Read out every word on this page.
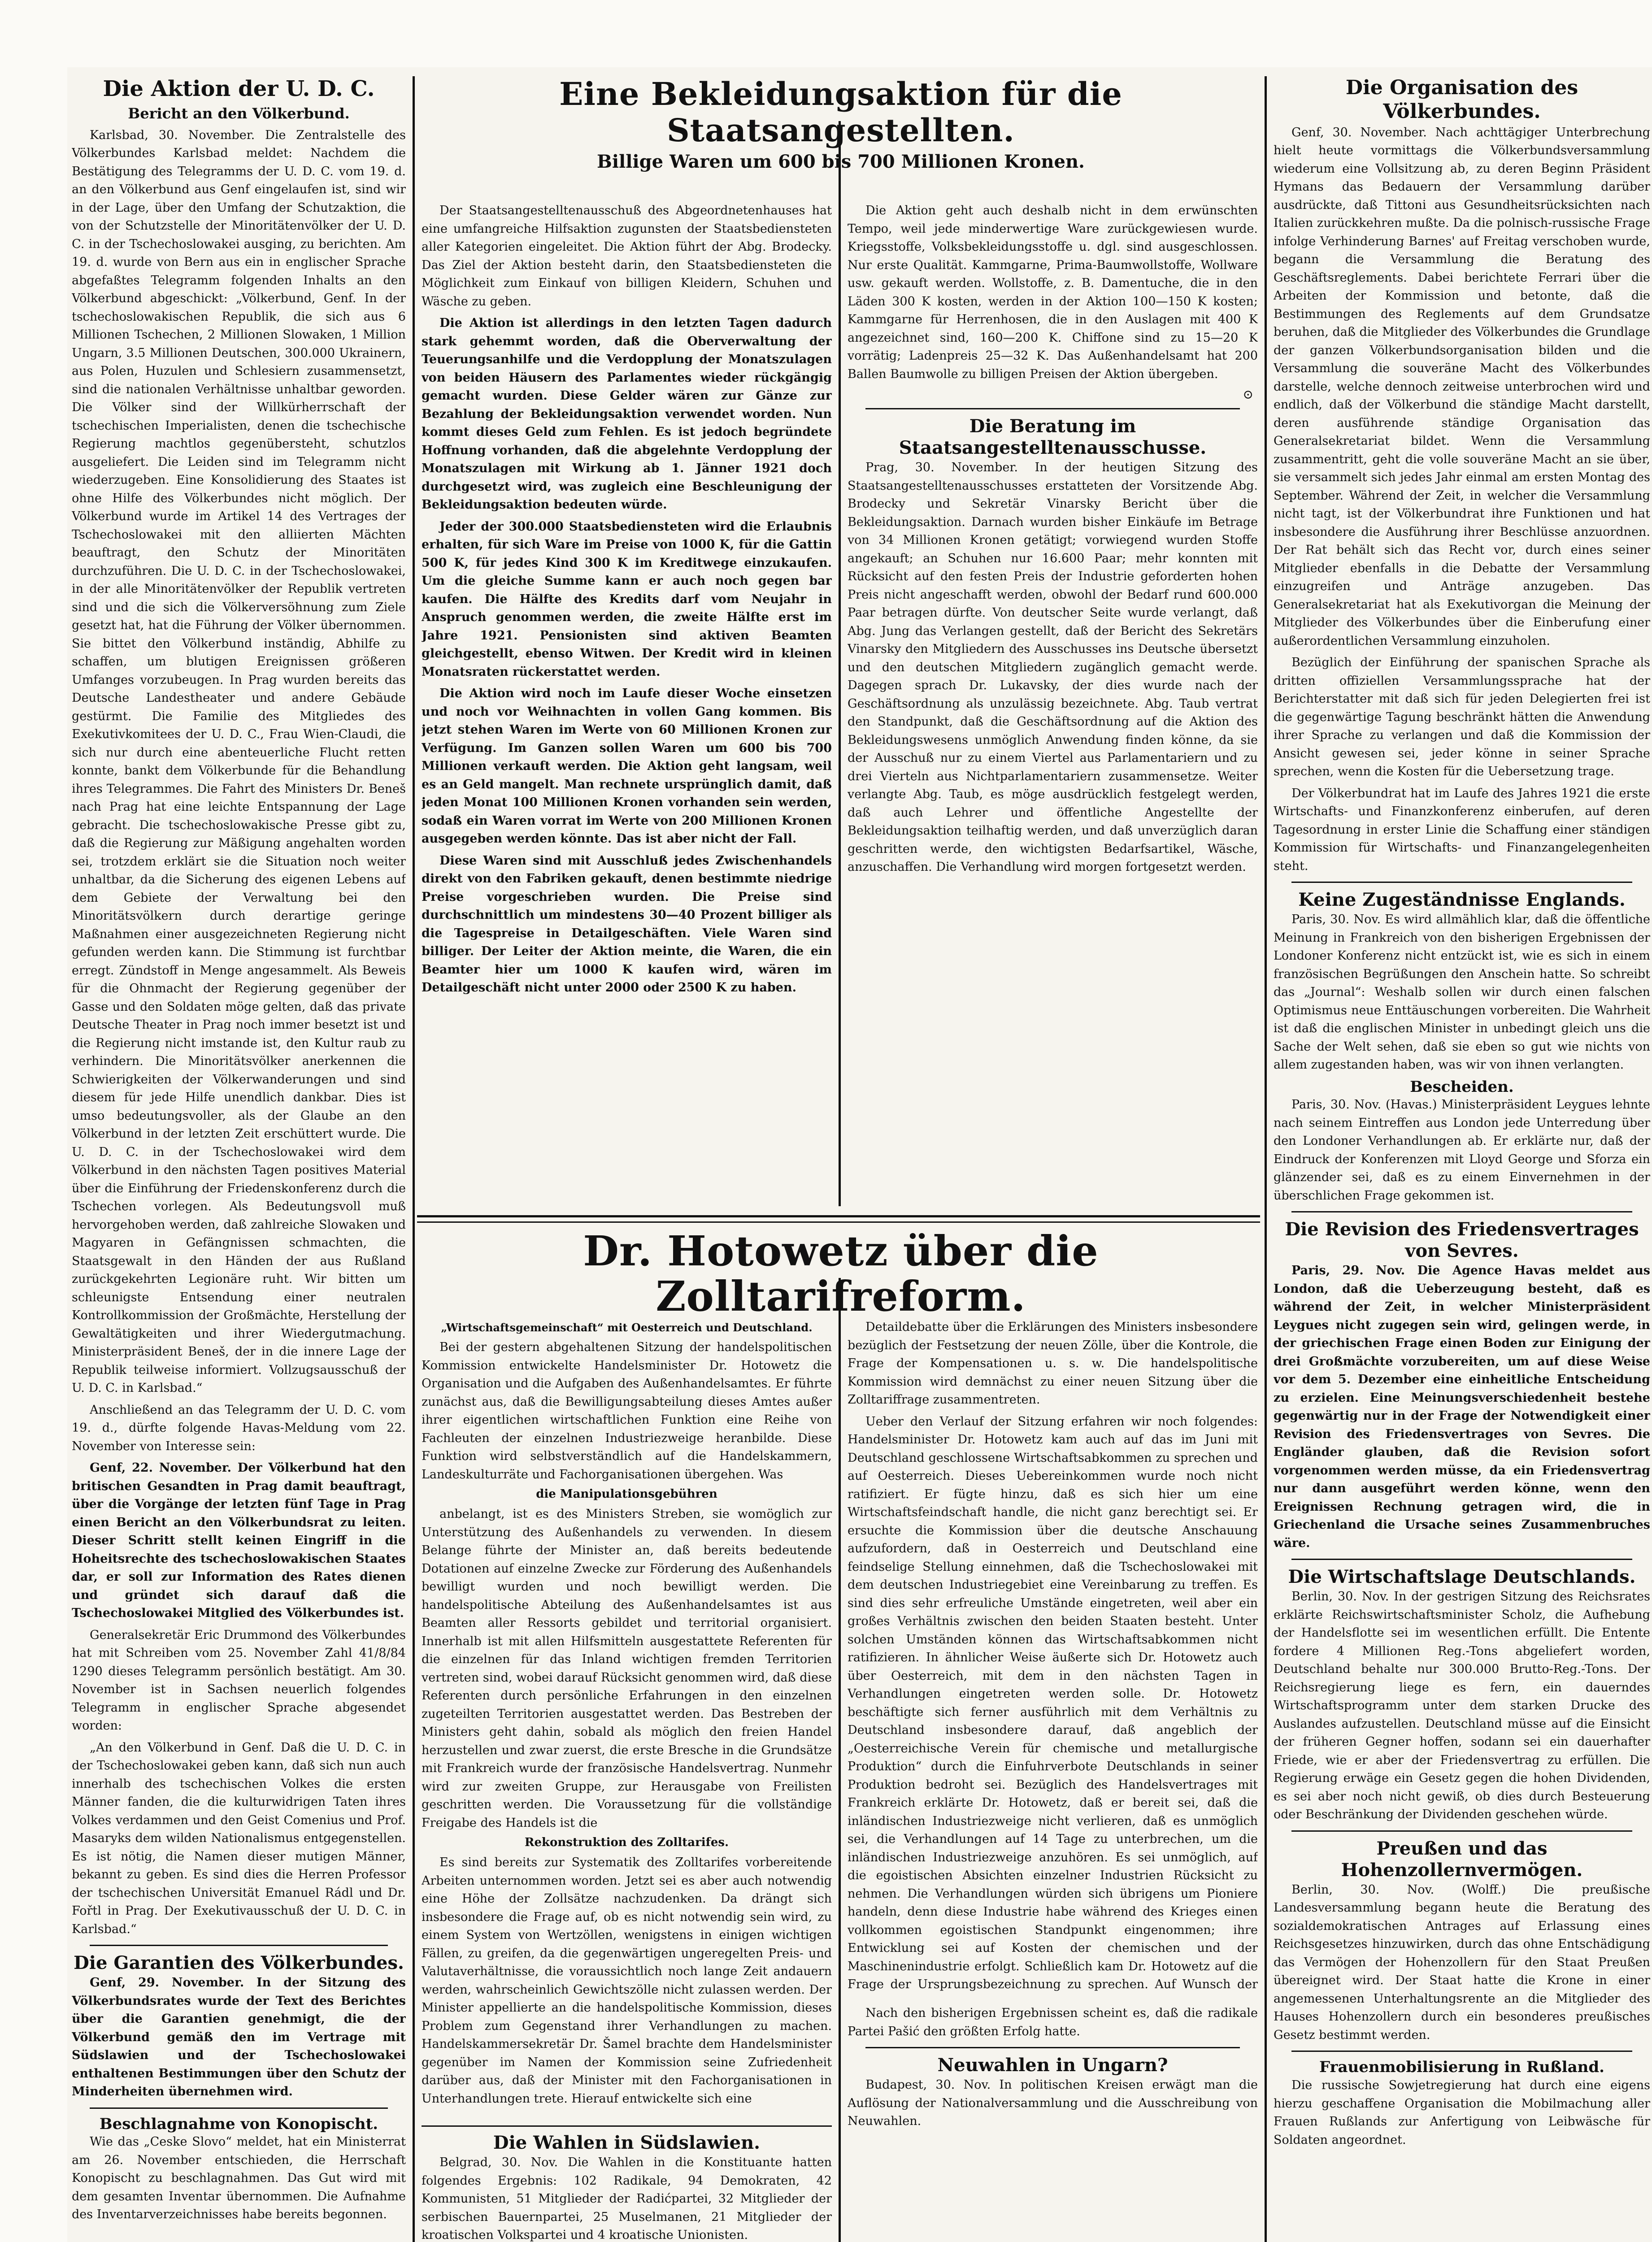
Die Aktion der U. D. C.
Bericht an den Völkerbund.

Karlsbad, 30. November. Die Zentralstelle des Völkerbundes Karlsbad meldet: Nachdem die Bestätigung des Telegramms der U. D. C. vom 19. d. an den Völkerbund aus Genf eingelaufen ist, sind wir in der Lage, über den Umfang der Schutzaktion, die von der Schutzstelle der Minoritätenvölker der U. D. C. in der Tschechoslowakei ausging, zu berichten. Am 19. d. wurde von Bern aus ein in englischer Sprache abgefaßtes Telegramm folgenden Inhalts an den Völkerbund abgeschickt: „Völkerbund, Genf. In der tschechoslowakischen Republik, die sich aus 6 Millionen Tschechen, 2 Millionen Slowaken, 1 Million Ungarn, 3.5 Millionen Deutschen, 300.000 Ukrainern, aus Polen, Huzulen und Schlesiern zusammensetzt, sind die nationalen Verhältnisse unhaltbar geworden. Die Völker sind der Willkürherrschaft der tschechischen Imperialisten, denen die tschechische Regierung machtlos gegenübersteht, schutzlos ausgeliefert. Die Leiden sind im Telegramm nicht wiederzugeben. Eine Konsolidierung des Staates ist ohne Hilfe des Völkerbundes nicht möglich. Der Völkerbund wurde im Artikel 14 des Vertrages der Tschechoslowakei mit den alliierten Mächten beauftragt, den Schutz der Minoritäten durchzuführen. Die U. D. C. in der Tschechoslowakei, in der alle Minoritätenvölker der Republik vertreten sind und die sich die Völkerversöhnung zum Ziele gesetzt hat, hat die Führung der Völker übernommen. Sie bittet den Völkerbund inständig, Abhilfe zu schaffen, um blutigen Ereignissen größeren Umfanges vorzubeugen. In Prag wurden bereits das Deutsche Landestheater und andere Gebäude gestürmt. Die Familie des Mitgliedes des Exekutivkomitees der U. D. C., Frau Wien-Claudi, die sich nur durch eine abenteuerliche Flucht retten konnte, bankt dem Völkerbunde für die Behandlung ihres Telegrammes. Die Fahrt des Ministers Dr. Beneš nach Prag hat eine leichte Entspannung der Lage gebracht. Die tschechoslowakische Presse gibt zu, daß die Regierung zur Mäßigung angehalten worden sei, trotzdem erklärt sie die Situation noch weiter unhaltbar, da die Sicherung des eigenen Lebens auf dem Gebiete der Verwaltung bei den Minoritätsvölkern durch derartige geringe Maßnahmen einer ausgezeichneten Regierung nicht gefunden werden kann. Die Stimmung ist furchtbar erregt. Zündstoff in Menge angesammelt. Als Beweis für die Ohnmacht der Regierung gegenüber der Gasse und den Soldaten möge gelten, daß das private Deutsche Theater in Prag noch immer besetzt ist und die Regierung nicht imstande ist, den Kultur raub zu verhindern. Die Minoritätsvölker anerkennen die Schwierigkeiten der Völkerwanderungen und sind diesem für jede Hilfe unendlich dankbar. Dies ist umso bedeutungsvoller, als der Glaube an den Völkerbund in der letzten Zeit erschüttert wurde. Die U. D. C. in der Tschechoslowakei wird dem Völkerbund in den nächsten Tagen positives Material über die Einführung der Friedenskonferenz durch die Tschechen vorlegen. Als Bedeutungsvoll muß hervorgehoben werden, daß zahlreiche Slowaken und Magyaren in Gefängnissen schmachten, die Staatsgewalt in den Händen der aus Rußland zurückgekehrten Legionäre ruht. Wir bitten um schleunigste Entsendung einer neutralen Kontrollkommission der Großmächte, Herstellung der Gewaltätigkeiten und ihrer Wiedergutmachung. Ministerpräsident Beneš, der in die innere Lage der Republik teilweise informiert. Vollzugsausschuß der U. D. C. in Karlsbad.“

Anschließend an das Telegramm der U. D. C. vom 19. d., dürfte folgende Havas-Meldung vom 22. November von Interesse sein:

Genf, 22. November. Der Völkerbund hat den britischen Gesandten in Prag damit beauftragt, über die Vorgänge der letzten fünf Tage in Prag einen Bericht an den Völkerbundsrat zu leiten. Dieser Schritt stellt keinen Eingriff in die Hoheitsrechte des tschechoslowakischen Staates dar, er soll zur Information des Rates dienen und gründet sich darauf daß die Tschechoslowakei Mitglied des Völkerbundes ist.

Generalsekretär Eric Drummond des Völkerbundes hat mit Schreiben vom 25. November Zahl 41/8/84 1290 dieses Telegramm persönlich bestätigt. Am 30. November ist in Sachsen neuerlich folgendes Telegramm in englischer Sprache abgesendet worden:

„An den Völkerbund in Genf. Daß die U. D. C. in der Tschechoslowakei geben kann, daß sich nun auch innerhalb des tschechischen Volkes die ersten Männer fanden, die die kulturwidrigen Taten ihres Volkes verdammen und den Geist Comenius und Prof. Masaryks dem wilden Nationalismus entgegenstellen. Es ist nötig, die Namen dieser mutigen Männer, bekannt zu geben. Es sind dies die Herren Professor der tschechischen Universität Emanuel Rádl und Dr. Fořtl in Prag. Der Exekutivausschuß der U. D. C. in Karlsbad.“

Die Garantien des Völkerbundes.

Genf, 29. November. In der Sitzung des Völkerbundsrates wurde der Text des Berichtes über die Garantien genehmigt, die der Völkerbund gemäß den im Vertrage mit Südslawien und der Tschechoslowakei enthaltenen Bestimmungen über den Schutz der Minderheiten übernehmen wird.

Beschlagnahme von Konopischt.

Wie das „Ceske Slovo“ meldet, hat ein Ministerrat am 26. November entschieden, die Herrschaft Konopischt zu beschlagnahmen. Das Gut wird mit dem gesamten Inventar übernommen. Die Aufnahme des Inventarverzeichnisses habe bereits begonnen.

Eine Bekleidungsaktion für die Staatsangestellten.
Billige Waren um 600 bis 700 Millionen Kronen.

Der Staatsangestelltenausschuß des Abgeordnetenhauses hat eine umfangreiche Hilfsaktion zugunsten der Staatsbediensteten aller Kategorien eingeleitet. Die Aktion führt der Abg. Brodecky. Das Ziel der Aktion besteht darin, den Staatsbediensteten die Möglichkeit zum Einkauf von billigen Kleidern, Schuhen und Wäsche zu geben.

Die Aktion ist allerdings in den letzten Tagen dadurch stark gehemmt worden, daß die Oberverwaltung der Teuerungsanhilfe und die Verdopplung der Monatszulagen von beiden Häusern des Parlamentes wieder rückgängig gemacht wurden. Diese Gelder wären zur Gänze zur Bezahlung der Bekleidungsaktion verwendet worden. Nun kommt dieses Geld zum Fehlen. Es ist jedoch begründete Hoffnung vorhanden, daß die abgelehnte Verdopplung der Monatszulagen mit Wirkung ab 1. Jänner 1921 doch durchgesetzt wird, was zugleich eine Beschleunigung der Bekleidungsaktion bedeuten würde.

Jeder der 300.000 Staatsbediensteten wird die Erlaubnis erhalten, für sich Ware im Preise von 1000 K, für die Gattin 500 K, für jedes Kind 300 K im Kreditwege einzukaufen. Um die gleiche Summe kann er auch noch gegen bar kaufen. Die Hälfte des Kredits darf vom Neujahr in Anspruch genommen werden, die zweite Hälfte erst im Jahre 1921. Pensionisten sind aktiven Beamten gleichgestellt, ebenso Witwen. Der Kredit wird in kleinen Monatsraten rückerstattet werden.

Die Aktion wird noch im Laufe dieser Woche einsetzen und noch vor Weihnachten in vollen Gang kommen. Bis jetzt stehen Waren im Werte von 60 Millionen Kronen zur Verfügung. Im Ganzen sollen Waren um 600 bis 700 Millionen verkauft werden. Die Aktion geht langsam, weil es an Geld mangelt. Man rechnete ursprünglich damit, daß jeden Monat 100 Millionen Kronen vorhanden sein werden, sodaß ein Waren vorrat im Werte von 200 Millionen Kronen ausgegeben werden könnte. Das ist aber nicht der Fall.

Diese Waren sind mit Ausschluß jedes Zwischenhandels direkt von den Fabriken gekauft, denen bestimmte niedrige Preise vorgeschrieben wurden. Die Preise sind durchschnittlich um mindestens 30—40 Prozent billiger als die Tagespreise in Detailgeschäften. Viele Waren sind billiger. Der Leiter der Aktion meinte, die Waren, die ein Beamter hier um 1000 K kaufen wird, wären im Detailgeschäft nicht unter 2000 oder 2500 K zu haben.

Die Aktion geht auch deshalb nicht in dem erwünschten Tempo, weil jede minderwertige Ware zurückgewiesen wurde. Kriegsstoffe, Volksbekleidungsstoffe u. dgl. sind ausgeschlossen. Nur erste Qualität. Kammgarne, Prima-Baumwollstoffe, Wollware usw. gekauft werden. Wollstoffe, z. B. Damentuche, die in den Läden 300 K kosten, werden in der Aktion 100—150 K kosten; Kammgarne für Herrenhosen, die in den Auslagen mit 400 K angezeichnet sind, 160—200 K. Chiffone sind zu 15—20 K vorrätig; Ladenpreis 25—32 K. Das Außenhandelsamt hat 200 Ballen Baumwolle zu billigen Preisen der Aktion übergeben.

⊙
Die Beratung im Staatsangestelltenausschusse.

Prag, 30. November. In der heutigen Sitzung des Staatsangestelltenausschusses erstatteten der Vorsitzende Abg. Brodecky und Sekretär Vinarsky Bericht über die Bekleidungsaktion. Darnach wurden bisher Einkäufe im Betrage von 34 Millionen Kronen getätigt; vorwiegend wurden Stoffe angekauft; an Schuhen nur 16.600 Paar; mehr konnten mit Rücksicht auf den festen Preis der Industrie geforderten hohen Preis nicht angeschafft werden, obwohl der Bedarf rund 600.000 Paar betragen dürfte. Von deutscher Seite wurde verlangt, daß Abg. Jung das Verlangen gestellt, daß der Bericht des Sekretärs Vinarsky den Mitgliedern des Ausschusses ins Deutsche übersetzt und den deutschen Mitgliedern zugänglich gemacht werde. Dagegen sprach Dr. Lukavsky, der dies wurde nach der Geschäftsordnung als unzulässig bezeichnete. Abg. Taub vertrat den Standpunkt, daß die Geschäftsordnung auf die Aktion des Bekleidungswesens unmöglich Anwendung finden könne, da sie der Ausschuß nur zu einem Viertel aus Parlamentariern und zu drei Vierteln aus Nichtparlamentariern zusammensetze. Weiter verlangte Abg. Taub, es möge ausdrücklich festgelegt werden, daß auch Lehrer und öffentliche Angestellte der Bekleidungsaktion teilhaftig werden, und daß unverzüglich daran geschritten werde, den wichtigsten Bedarfsartikel, Wäsche, anzuschaffen. Die Verhandlung wird morgen fortgesetzt werden.

Dr. Hotowetz über die Zolltarifreform.
„Wirtschaftsgemeinschaft“ mit Oesterreich und Deutschland.

Bei der gestern abgehaltenen Sitzung der handelspolitischen Kommission entwickelte Handelsminister Dr. Hotowetz die Organisation und die Aufgaben des Außenhandelsamtes. Er führte zunächst aus, daß die Bewilligungsabteilung dieses Amtes außer ihrer eigentlichen wirtschaftlichen Funktion eine Reihe von Fachleuten der einzelnen Industriezweige heranbilde. Diese Funktion wird selbstverständlich auf die Handelskammern, Landeskulturräte und Fachorganisationen übergehen. Was

die Manipulationsgebühren

anbelangt, ist es des Ministers Streben, sie womöglich zur Unterstützung des Außenhandels zu verwenden. In diesem Belange führte der Minister an, daß bereits bedeutende Dotationen auf einzelne Zwecke zur Förderung des Außenhandels bewilligt wurden und noch bewilligt werden. Die handelspolitische Abteilung des Außenhandelsamtes ist aus Beamten aller Ressorts gebildet und territorial organisiert. Innerhalb ist mit allen Hilfsmitteln ausgestattete Referenten für die einzelnen für das Inland wichtigen fremden Territorien vertreten sind, wobei darauf Rücksicht genommen wird, daß diese Referenten durch persönliche Erfahrungen in den einzelnen zugeteilten Territorien ausgestattet werden. Das Bestreben der Ministers geht dahin, sobald als möglich den freien Handel herzustellen und zwar zuerst, die erste Bresche in die Grundsätze mit Frankreich wurde der französische Handelsvertrag. Nunmehr wird zur zweiten Gruppe, zur Herausgabe von Freilisten geschritten werden. Die Voraussetzung für die vollständige Freigabe des Handels ist die

Rekonstruktion des Zolltarifes.

Es sind bereits zur Systematik des Zolltarifes vorbereitende Arbeiten unternommen worden. Jetzt sei es aber auch notwendig eine Höhe der Zollsätze nachzudenken. Da drängt sich insbesondere die Frage auf, ob es nicht notwendig sein wird, zu einem System von Wertzöllen, wenigstens in einigen wichtigen Fällen, zu greifen, da die gegenwärtigen ungeregelten Preis- und Valutaverhältnisse, die voraussichtlich noch lange Zeit andauern werden, wahrscheinlich Gewichtszölle nicht zulassen werden. Der Minister appellierte an die handelspolitische Kommission, dieses Problem zum Gegenstand ihrer Verhandlungen zu machen. Handelskammersekretär Dr. Šamel brachte dem Handelsminister gegenüber im Namen der Kommission seine Zufriedenheit darüber aus, daß der Minister mit den Fachorganisationen in Unterhandlungen trete. Hierauf entwickelte sich eine

Detaildebatte über die Erklärungen des Ministers insbesondere bezüglich der Festsetzung der neuen Zölle, über die Kontrole, die Frage der Kompensationen u. s. w. Die handelspolitische Kommission wird demnächst zu einer neuen Sitzung über die Zolltariffrage zusammentreten.

Ueber den Verlauf der Sitzung erfahren wir noch folgendes: Handelsminister Dr. Hotowetz kam auch auf das im Juni mit Deutschland geschlossene Wirtschaftsabkommen zu sprechen und auf Oesterreich. Dieses Uebereinkommen wurde noch nicht ratifiziert. Er fügte hinzu, daß es sich hier um eine Wirtschaftsfeindschaft handle, die nicht ganz berechtigt sei. Er ersuchte die Kommission über die deutsche Anschauung aufzufordern, daß in Oesterreich und Deutschland eine feindselige Stellung einnehmen, daß die Tschechoslowakei mit dem deutschen Industriegebiet eine Vereinbarung zu treffen. Es sind dies sehr erfreuliche Umstände eingetreten, weil aber ein großes Verhältnis zwischen den beiden Staaten besteht. Unter solchen Umständen können das Wirtschaftsabkommen nicht ratifizieren. In ähnlicher Weise äußerte sich Dr. Hotowetz auch über Oesterreich, mit dem in den nächsten Tagen in Verhandlungen eingetreten werden solle. Dr. Hotowetz beschäftigte sich ferner ausführlich mit dem Verhältnis zu Deutschland insbesondere darauf, daß angeblich der „Oesterreichische Verein für chemische und metallurgische Produktion“ durch die Einfuhrverbote Deutschlands in seiner Produktion bedroht sei. Bezüglich des Handelsvertrages mit Frankreich erklärte Dr. Hotowetz, daß er bereit sei, daß die inländischen Industriezweige nicht verlieren, daß es unmöglich sei, die Verhandlungen auf 14 Tage zu unterbrechen, um die inländischen Industriezweige anzuhören. Es sei unmöglich, auf die egoistischen Absichten einzelner Industrien Rücksicht zu nehmen. Die Verhandlungen würden sich übrigens um Pioniere handeln, denn diese Industrie habe während des Krieges einen vollkommen egoistischen Standpunkt eingenommen; ihre Entwicklung sei auf Kosten der chemischen und der Maschinenindustrie erfolgt. Schließlich kam Dr. Hotowetz auf die Frage der Ursprungsbezeichnung zu sprechen. Auf Wunsch der

Die Wahlen in Südslawien.

Belgrad, 30. Nov. Die Wahlen in die Konstituante hatten folgendes Ergebnis: 102 Radikale, 94 Demokraten, 42 Kommunisten, 51 Mitglieder der Radićpartei, 32 Mitglieder der serbischen Bauernpartei, 25 Muselmanen, 21 Mitglieder der kroatischen Volkspartei und 4 kroatische Unionisten.

Nach den bisherigen Ergebnissen scheint es, daß die radikale Partei Pašić den größten Erfolg hatte.

Neuwahlen in Ungarn?

Budapest, 30. Nov. In politischen Kreisen erwägt man die Auflösung der Nationalversammlung und die Ausschreibung von Neuwahlen.

Die Organisation des Völkerbundes.

Genf, 30. November. Nach achttägiger Unterbrechung hielt heute vormittags die Völkerbundsversammlung wiederum eine Vollsitzung ab, zu deren Beginn Präsident Hymans das Bedauern der Versammlung darüber ausdrückte, daß Tittoni aus Gesundheitsrücksichten nach Italien zurückkehren mußte. Da die polnisch-russische Frage infolge Verhinderung Barnes' auf Freitag verschoben wurde, begann die Versammlung die Beratung des Geschäftsreglements. Dabei berichtete Ferrari über die Arbeiten der Kommission und betonte, daß die Bestimmungen des Reglements auf dem Grundsatze beruhen, daß die Mitglieder des Völkerbundes die Grundlage der ganzen Völkerbundsorganisation bilden und die Versammlung die souveräne Macht des Völkerbundes darstelle, welche dennoch zeitweise unterbrochen wird und endlich, daß der Völkerbund die ständige Macht darstellt, deren ausführende ständige Organisation das Generalsekretariat bildet. Wenn die Versammlung zusammentritt, geht die volle souveräne Macht an sie über, sie versammelt sich jedes Jahr einmal am ersten Montag des September. Während der Zeit, in welcher die Versammlung nicht tagt, ist der Völkerbundrat ihre Funktionen und hat insbesondere die Ausführung ihrer Beschlüsse anzuordnen. Der Rat behält sich das Recht vor, durch eines seiner Mitglieder ebenfalls in die Debatte der Versammlung einzugreifen und Anträge anzugeben. Das Generalsekretariat hat als Exekutivorgan die Meinung der Mitglieder des Völkerbundes über die Einberufung einer außerordentlichen Versammlung einzuholen.

Bezüglich der Einführung der spanischen Sprache als dritten offiziellen Versammlungssprache hat der Berichterstatter mit daß sich für jeden Delegierten frei ist die gegenwärtige Tagung beschränkt hätten die Anwendung ihrer Sprache zu verlangen und daß die Kommission der Ansicht gewesen sei, jeder könne in seiner Sprache sprechen, wenn die Kosten für die Uebersetzung trage.

Der Völkerbundrat hat im Laufe des Jahres 1921 die erste Wirtschafts- und Finanzkonferenz einberufen, auf deren Tagesordnung in erster Linie die Schaffung einer ständigen Kommission für Wirtschafts- und Finanzangelegenheiten steht.

Keine Zugeständnisse Englands.

Paris, 30. Nov. Es wird allmählich klar, daß die öffentliche Meinung in Frankreich von den bisherigen Ergebnissen der Londoner Konferenz nicht entzückt ist, wie es sich in einem französischen Begrüßungen den Anschein hatte. So schreibt das „Journal“: Weshalb sollen wir durch einen falschen Optimismus neue Enttäuschungen vorbereiten. Die Wahrheit ist daß die englischen Minister in unbedingt gleich uns die Sache der Welt sehen, daß sie eben so gut wie nichts von allem zugestanden haben, was wir von ihnen verlangten.

Bescheiden.

Paris, 30. Nov. (Havas.) Ministerpräsident Leygues lehnte nach seinem Eintreffen aus London jede Unterredung über den Londoner Verhandlungen ab. Er erklärte nur, daß der Eindruck der Konferenzen mit Lloyd George und Sforza ein glänzender sei, daß es zu einem Einvernehmen in der überschlichen Frage gekommen ist.

Die Revision des Friedensvertrages von Sevres.

Paris, 29. Nov. Die Agence Havas meldet aus London, daß die Ueberzeugung besteht, daß es während der Zeit, in welcher Ministerpräsident Leygues nicht zugegen sein wird, gelingen werde, in der griechischen Frage einen Boden zur Einigung der drei Großmächte vorzubereiten, um auf diese Weise vor dem 5. Dezember eine einheitliche Entscheidung zu erzielen. Eine Meinungsverschiedenheit bestehe gegenwärtig nur in der Frage der Notwendigkeit einer Revision des Friedensvertrages von Sevres. Die Engländer glauben, daß die Revision sofort vorgenommen werden müsse, da ein Friedensvertrag nur dann ausgeführt werden könne, wenn den Ereignissen Rechnung getragen wird, die in Griechenland die Ursache seines Zusammenbruches wäre.

Die Wirtschaftslage Deutschlands.

Berlin, 30. Nov. In der gestrigen Sitzung des Reichsrates erklärte Reichswirtschaftsminister Scholz, die Aufhebung der Handelsflotte sei im wesentlichen erfüllt. Die Entente fordere 4 Millionen Reg.-Tons abgeliefert worden, Deutschland behalte nur 300.000 Brutto-Reg.-Tons. Der Reichsregierung liege es fern, ein dauerndes Wirtschaftsprogramm unter dem starken Drucke des Auslandes aufzustellen. Deutschland müsse auf die Einsicht der früheren Gegner hoffen, sodann sei ein dauerhafter Friede, wie er aber der Friedensvertrag zu erfüllen. Die Regierung erwäge ein Gesetz gegen die hohen Dividenden, es sei aber noch nicht gewiß, ob dies durch Besteuerung oder Beschränkung der Dividenden geschehen würde.

Preußen und das Hohenzollernvermögen.

Berlin, 30. Nov. (Wolff.) Die preußische Landesversammlung begann heute die Beratung des sozialdemokratischen Antrages auf Erlassung eines Reichsgesetzes hinzuwirken, durch das ohne Entschädigung das Vermögen der Hohenzollern für den Staat Preußen übereignet wird. Der Staat hatte die Krone in einer angemessenen Unterhaltungsrente an die Mitglieder des Hauses Hohenzollern durch ein besonderes preußisches Gesetz bestimmt werden.

Frauenmobilisierung in Rußland.

Die russische Sowjetregierung hat durch eine eigens hierzu geschaffene Organisation die Mobilmachung aller Frauen Rußlands zur Anfertigung von Leibwäsche für Soldaten angeordnet.
